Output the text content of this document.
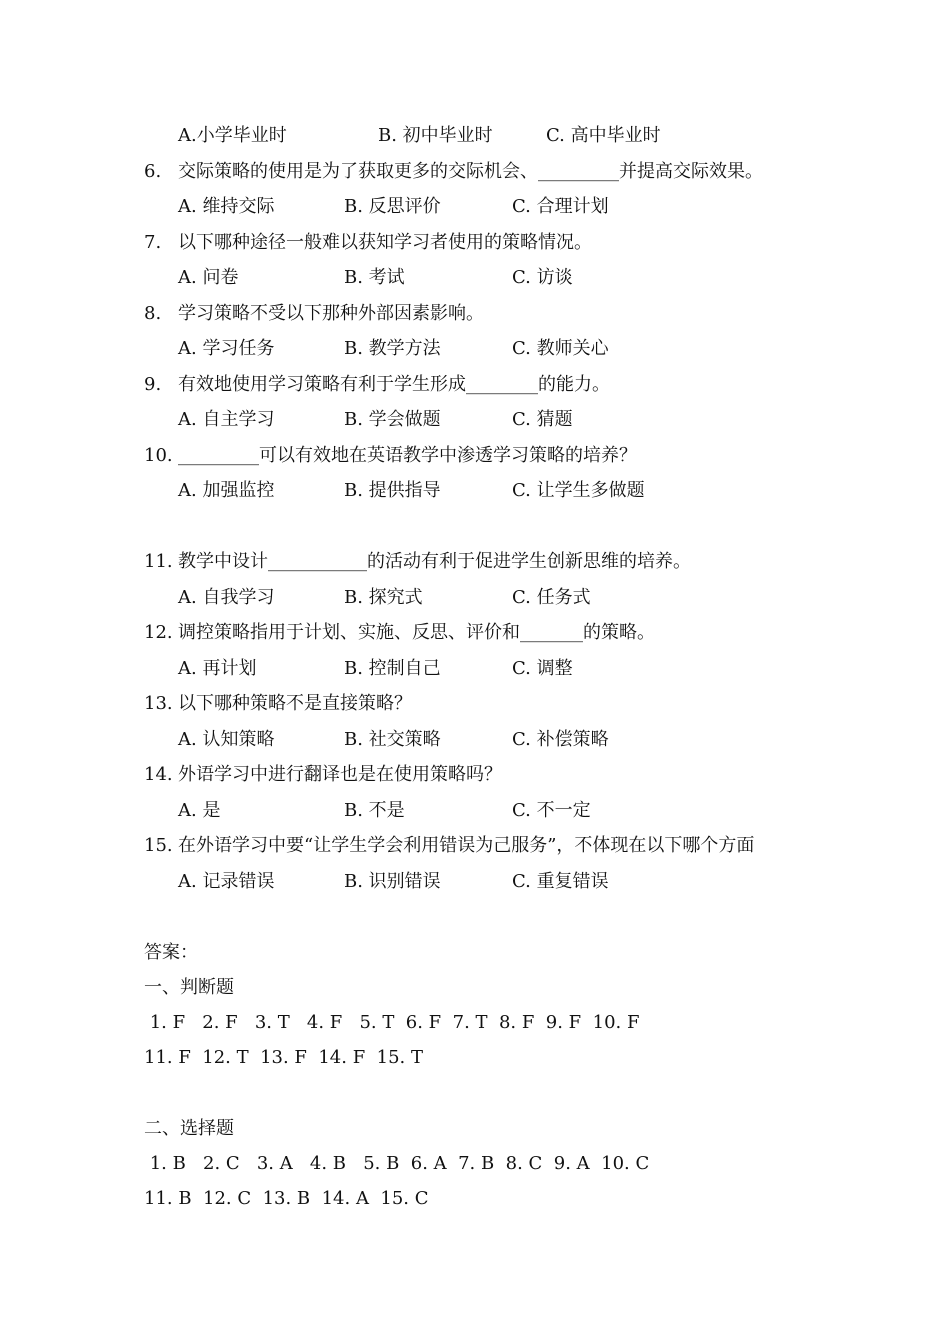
A.小学毕业时	B. 初中毕业时	C. 高中毕业时
6. 交际策略的使用是为了获取更多的交际机会、_________并提高交际效果。
A. 维持交际	B. 反思评价	C. 合理计划
7. 以下哪种途径一般难以获知学习者使用的策略情况。
A. 问卷	B. 考试	C. 访谈
8. 学习策略不受以下那种外部因素影响。
A. 学习任务	B. 教学方法	C. 教师关心
9. 有效地使用学习策略有利于学生形成________的能力。
A. 自主学习	B. 学会做题	C. 猜题
10. _________可以有效地在英语教学中渗透学习策略的培养？
A. 加强监控	B. 提供指导	C. 让学生多做题
11. 教学中设计___________的活动有利于促进学生创新思维的培养。
A. 自我学习	B. 探究式	C. 任务式
12. 调控策略指用于计划、实施、反思、评价和_______的策略。
A. 再计划	B. 控制自己	C. 调整
13. 以下哪种策略不是直接策略？
A. 认知策略	B. 社交策略	C. 补偿策略
14. 外语学习中进行翻译也是在使用策略吗？
A. 是	B. 不是	C. 不一定
15. 在外语学习中要“让学生学会利用错误为己服务”，不体现在以下哪个方面
A. 记录错误	B. 识别错误	C. 重复错误
答案：
一、判断题
1. F   2. F   3. T   4. F   5. T  6. F  7. T  8. F  9. F  10. F
11. F  12. T  13. F  14. F  15. T
二、选择题
1. B   2. C   3. A   4. B   5. B  6. A  7. B  8. C  9. A  10. C
11. B  12. C  13. B  14. A  15. C
